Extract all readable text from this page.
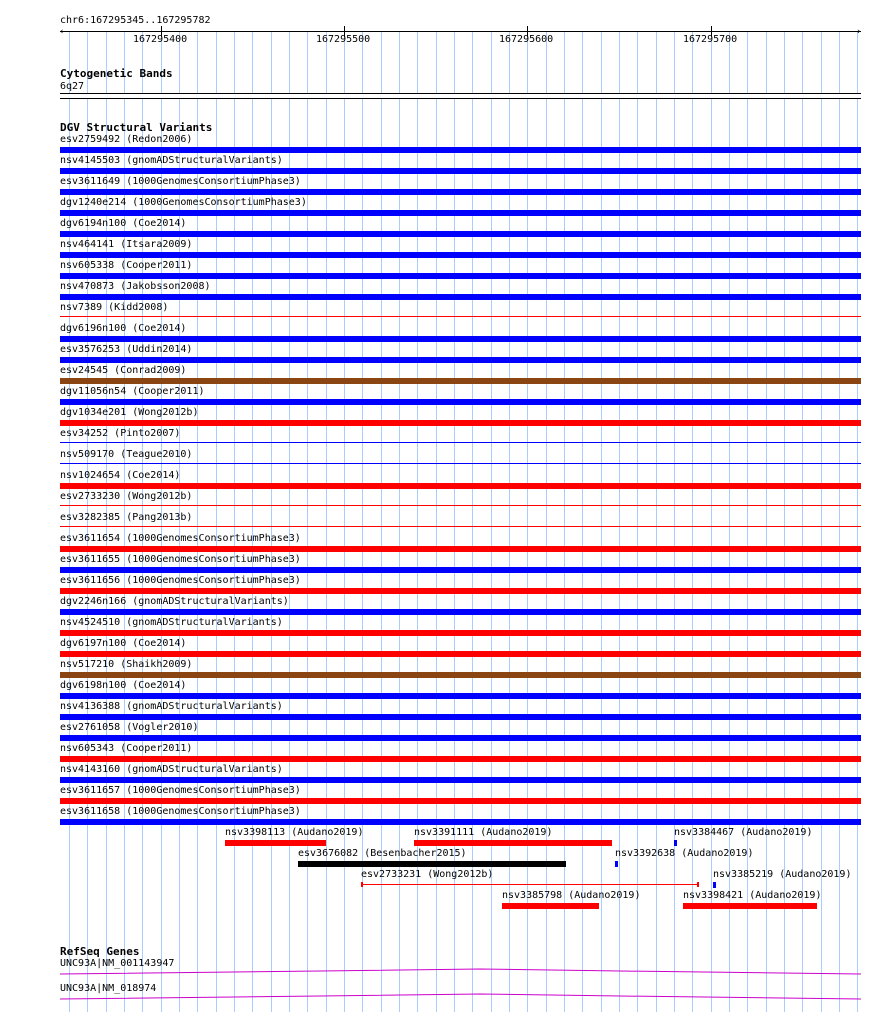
chr6:167295345..167295782
‹	›
167295400	167295500	167295600	167295700
Cytogenetic Bands
6q27
DGV Structural Variants
esv2759492 (Redon2006)
nsv4145503 (gnomADStructuralVariants)
esv3611649 (1000GenomesConsortiumPhase3)
dgv1240e214 (1000GenomesConsortiumPhase3)
dgv6194n100 (Coe2014)
nsv464141 (Itsara2009)
nsv605338 (Cooper2011)
nsv470873 (Jakobsson2008)
nsv7389 (Kidd2008)
dgv6196n100 (Coe2014)
esv3576253 (Uddin2014)
esv24545 (Conrad2009)
dgv11056n54 (Cooper2011)
dgv1034e201 (Wong2012b)
esv34252 (Pinto2007)
nsv509170 (Teague2010)
nsv1024654 (Coe2014)
esv2733230 (Wong2012b)
esv3282385 (Pang2013b)
esv3611654 (1000GenomesConsortiumPhase3)
esv3611655 (1000GenomesConsortiumPhase3)
esv3611656 (1000GenomesConsortiumPhase3)
dgv2246n166 (gnomADStructuralVariants)
nsv4524510 (gnomADStructuralVariants)
dgv6197n100 (Coe2014)
nsv517210 (Shaikh2009)
dgv6198n100 (Coe2014)
nsv4136388 (gnomADStructuralVariants)
esv2761058 (Vogler2010)
nsv605343 (Cooper2011)
nsv4143160 (gnomADStructuralVariants)
esv3611657 (1000GenomesConsortiumPhase3)
esv3611658 (1000GenomesConsortiumPhase3)
nsv3398113 (Audano2019)	nsv3391111 (Audano2019)	nsv3384467 (Audano2019)
esv3676082 (Besenbacher2015)	nsv3392638 (Audano2019)
esv2733231 (Wong2012b)	nsv3385219 (Audano2019)
nsv3385798 (Audano2019)	nsv3398421 (Audano2019)
RefSeq Genes
UNC93A|NM_001143947
UNC93A|NM_018974
